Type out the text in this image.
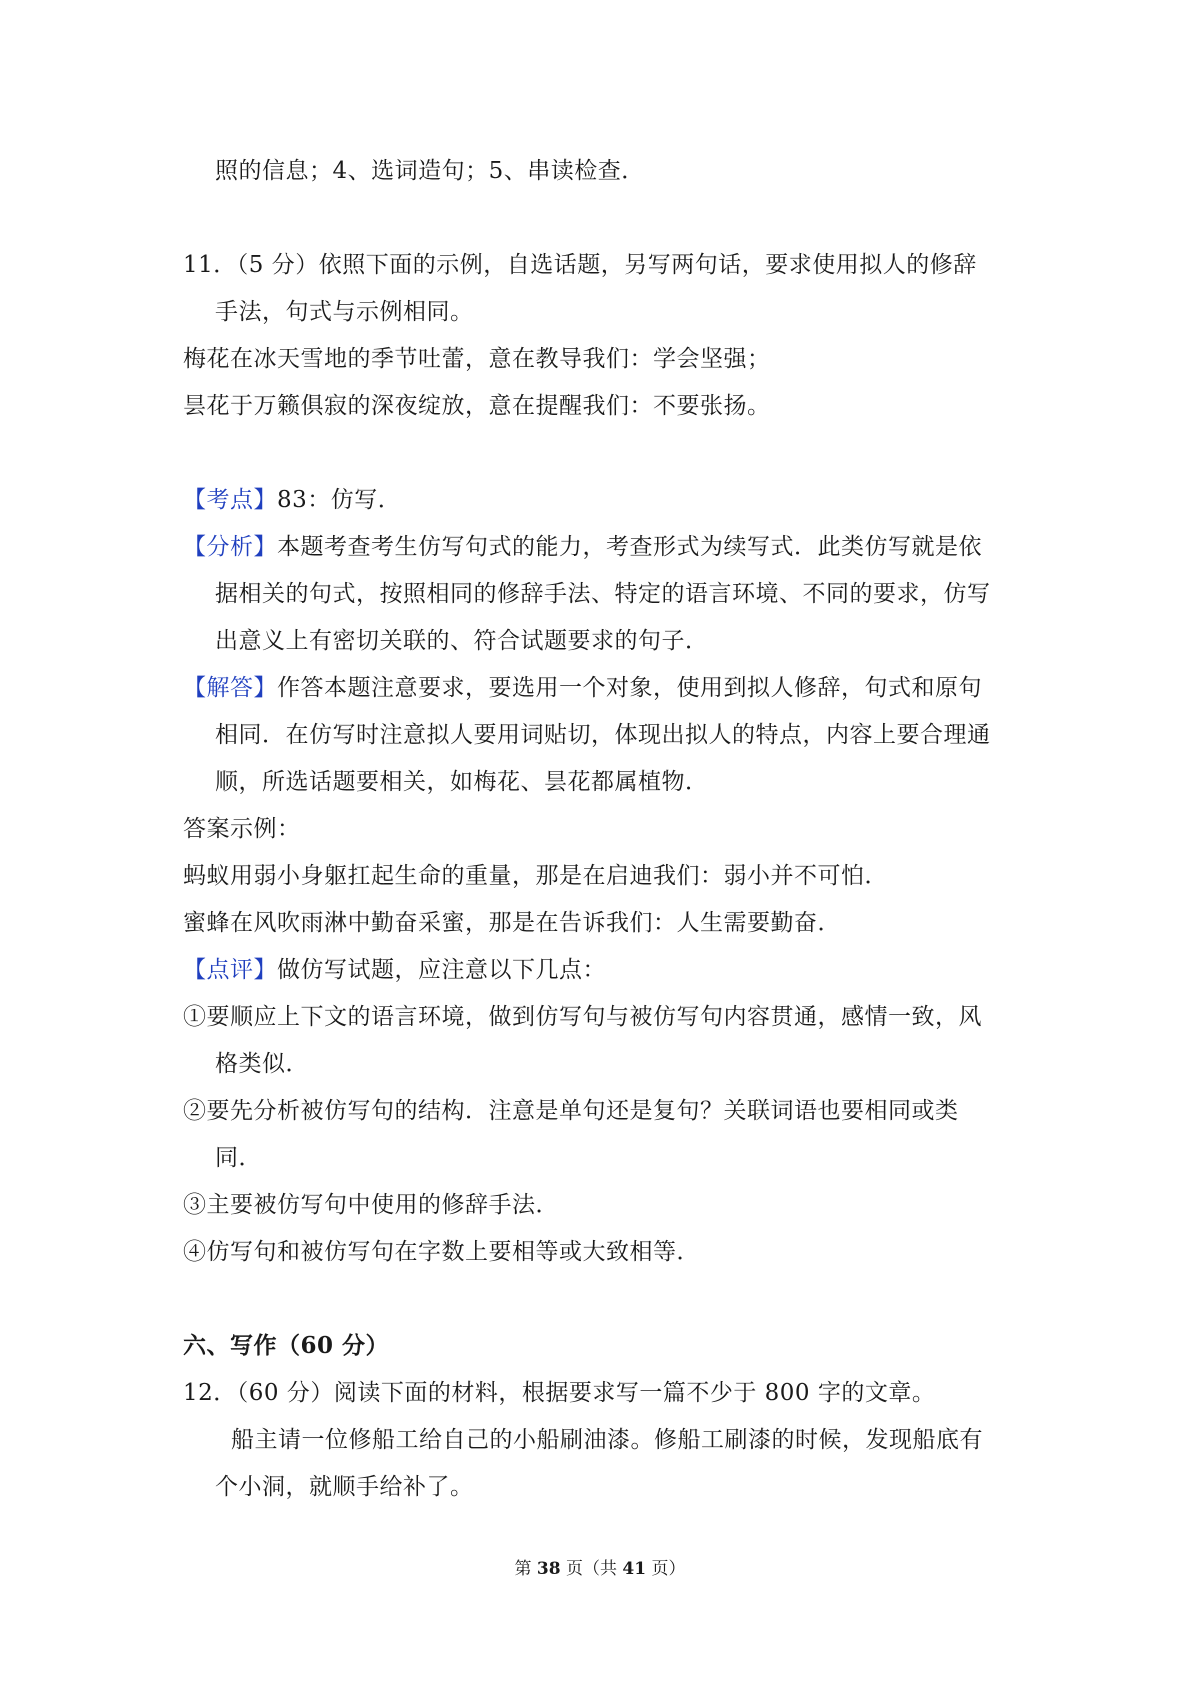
照的信息；4、选词造句；5、串读检查．
11．（5 分）依照下面的示例，自选话题，另写两句话，要求使用拟人的修辞
手法，句式与示例相同。
梅花在冰天雪地的季节吐蕾，意在教导我们：学会坚强；
昙花于万籁俱寂的深夜绽放，意在提醒我们：不要张扬。
【考点】83：仿写．
【分析】本题考查考生仿写句式的能力，考查形式为续写式．此类仿写就是依
据相关的句式，按照相同的修辞手法、特定的语言环境、不同的要求，仿写
出意义上有密切关联的、符合试题要求的句子．
【解答】作答本题注意要求，要选用一个对象，使用到拟人修辞，句式和原句
相同．在仿写时注意拟人要用词贴切，体现出拟人的特点，内容上要合理通
顺，所选话题要相关，如梅花、昙花都属植物．
答案示例：
蚂蚁用弱小身躯扛起生命的重量，那是在启迪我们：弱小并不可怕．
蜜蜂在风吹雨淋中勤奋采蜜，那是在告诉我们：人生需要勤奋．
【点评】做仿写试题，应注意以下几点：
①要顺应上下文的语言环境，做到仿写句与被仿写句内容贯通，感情一致，风
格类似．
②要先分析被仿写句的结构．注意是单句还是复句？关联词语也要相同或类
同．
③主要被仿写句中使用的修辞手法．
④仿写句和被仿写句在字数上要相等或大致相等．
六、写作（60 分）
12．（60 分）阅读下面的材料，根据要求写一篇不少于 800 字的文章。
船主请一位修船工给自己的小船刷油漆。修船工刷漆的时候，发现船底有
个小洞，就顺手给补了。
第 38 页（共 41 页）
